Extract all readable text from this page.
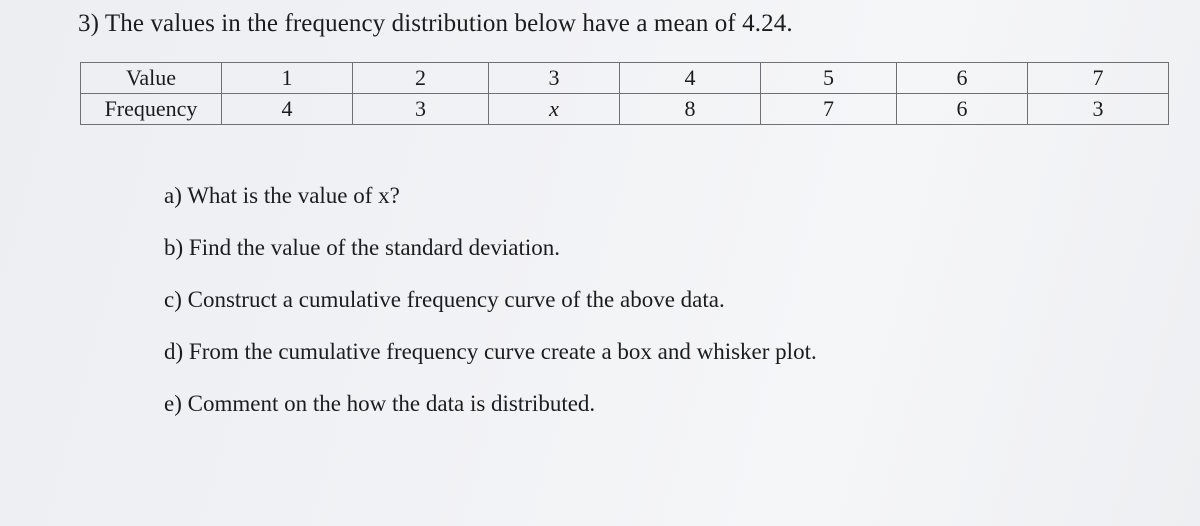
3) The values in the frequency distribution below have a mean of 4.24.
Value	1	2	3	4	5	6	7
Frequency	4	3	x	8	7	6	3
a) What is the value of x?
b) Find the value of the standard deviation.
c) Construct a cumulative frequency curve of the above data.
d) From the cumulative frequency curve create a box and whisker plot.
e) Comment on the how the data is distributed.
